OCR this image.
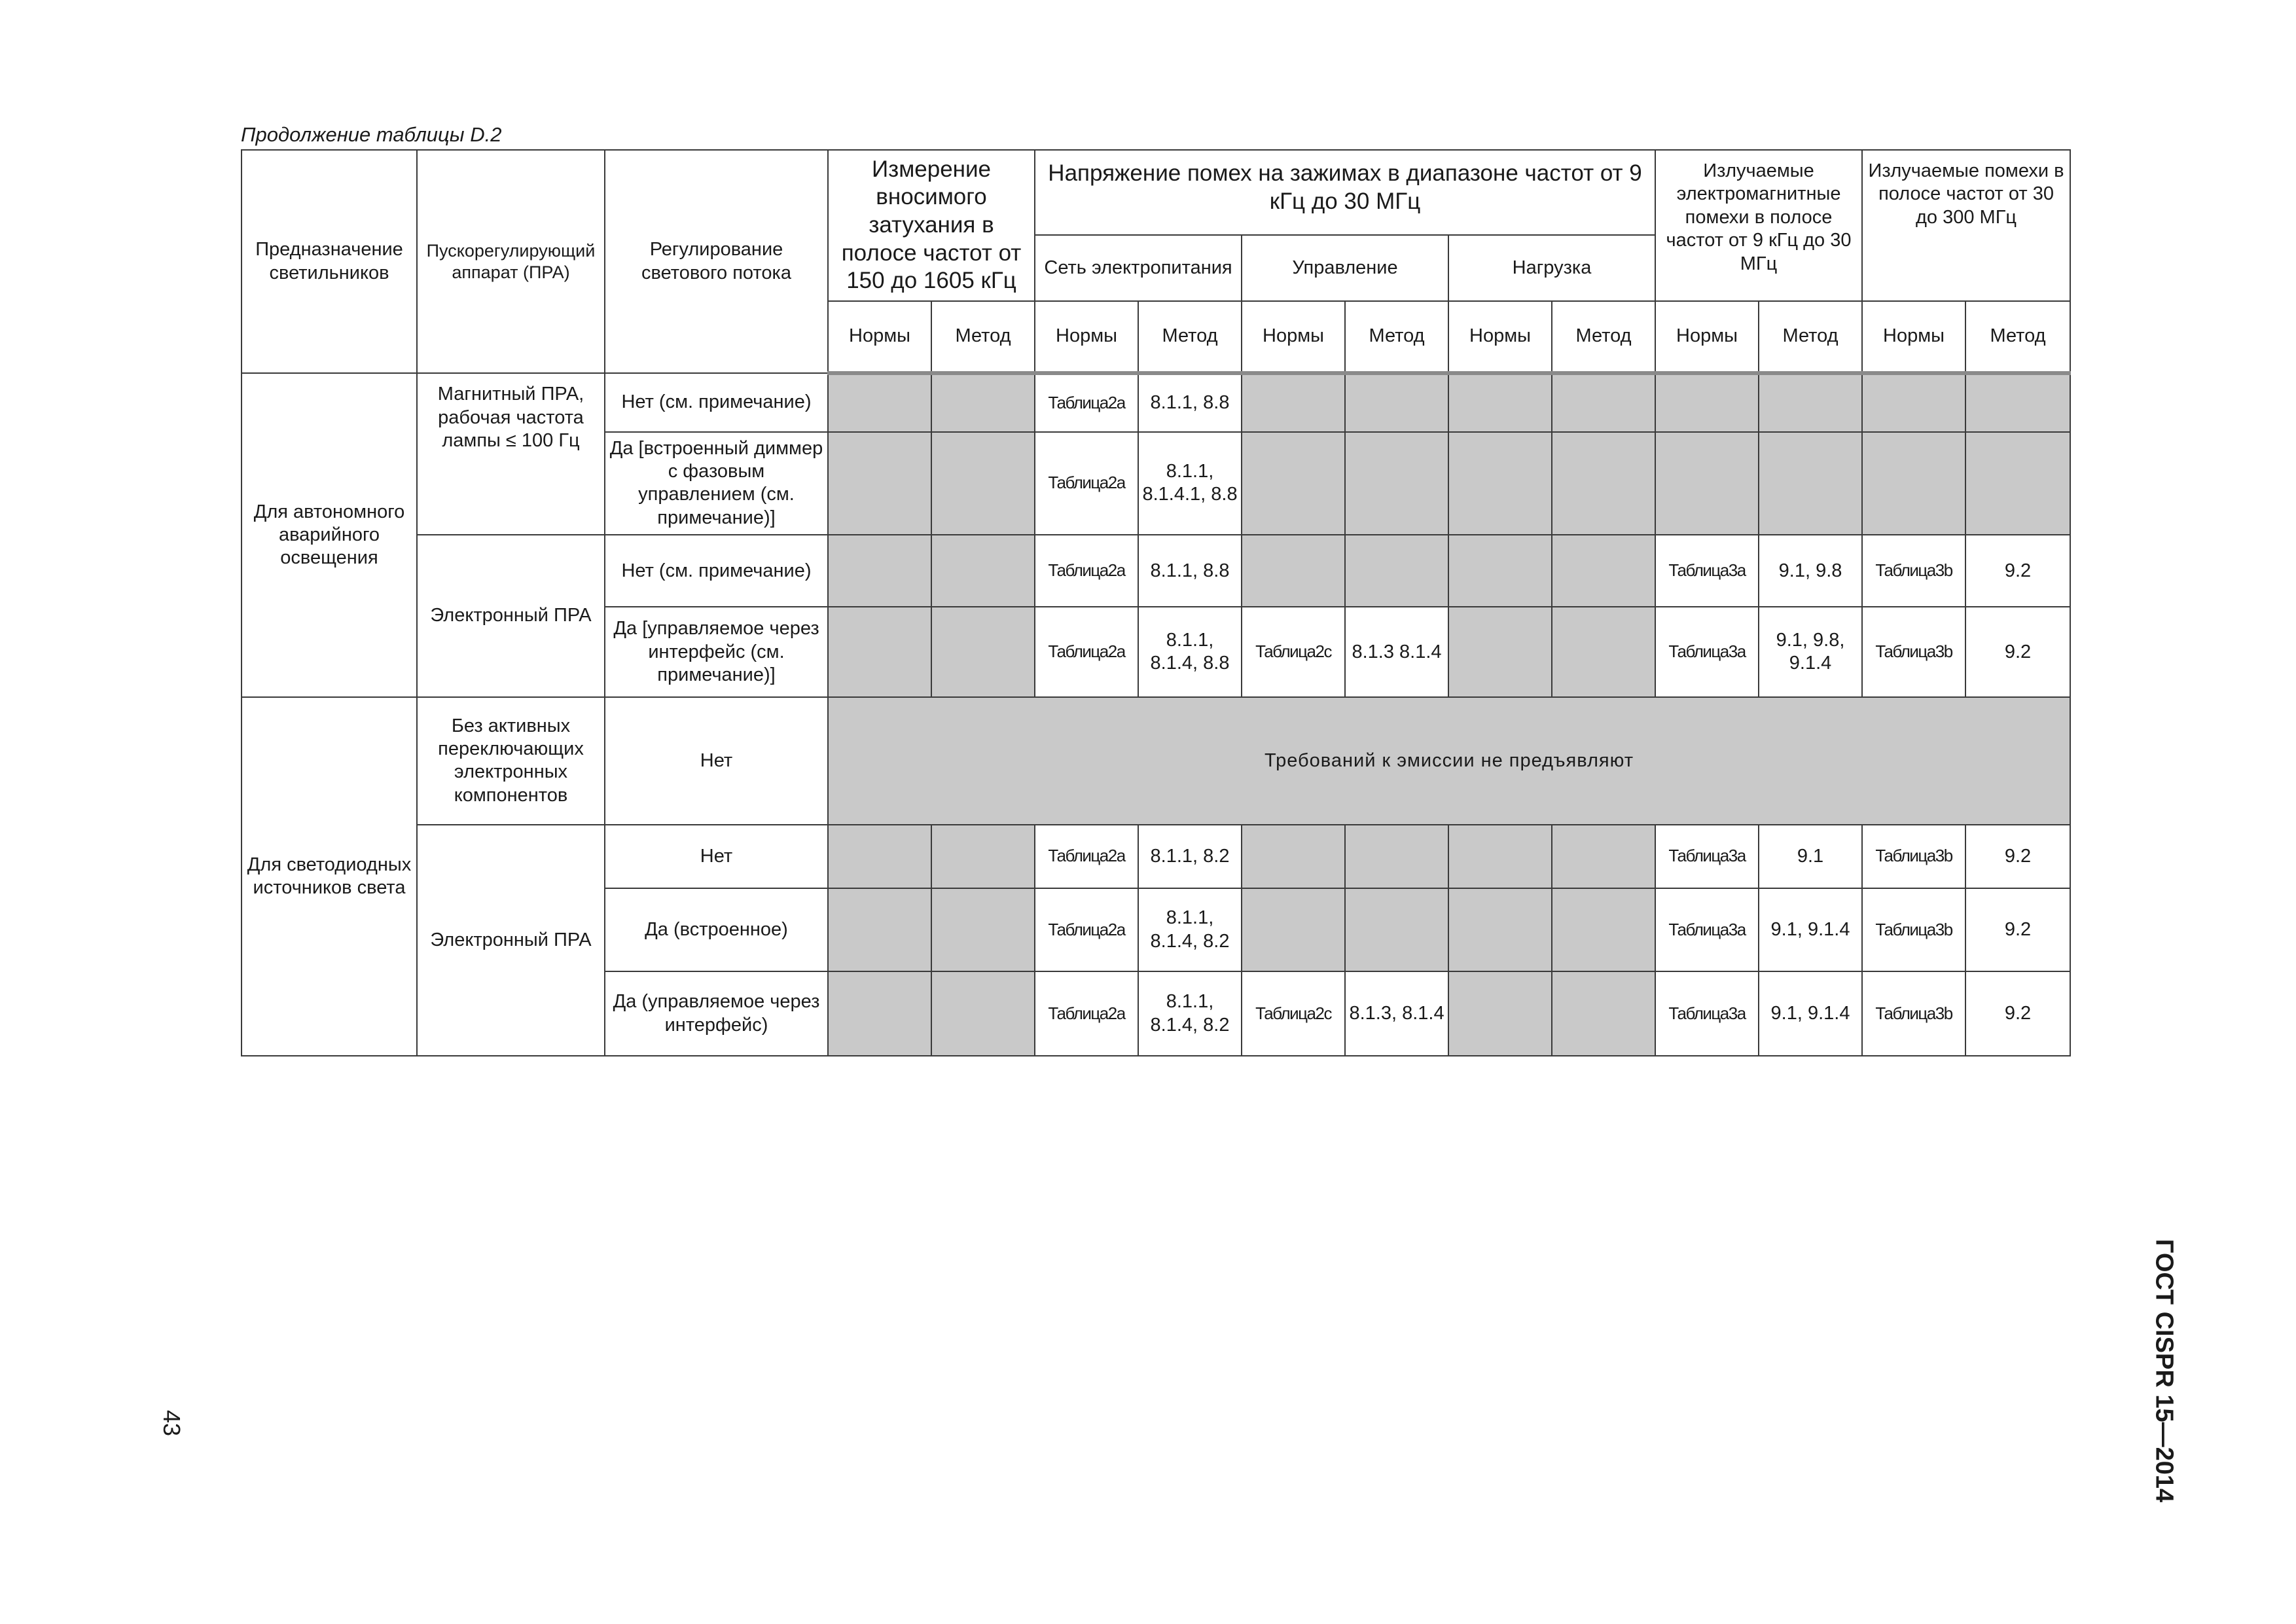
Продолжение таблицы D.2
Предназначение светильников	Пускорегулирующий аппарат (ПРА)	Регулирование светового потока	Измерение вносимого затухания в полосе частот от 150 до 1605 кГц		Напряжение помех на зажимах в диапазоне частот от 9 кГц до 30 МГц						Излучаемые электромагнитные помехи в полосе частот от 9 кГц до 30 МГц		Излучаемые помехи в полосе частот от 30 до 300 МГц	
					Сеть электропитания		Управление		Нагрузка					
			Нормы	Метод	Нормы	Метод	Нормы	Метод	Нормы	Метод	Нормы	Метод	Нормы	Метод
Для автономного аварийного освещения	Магнитный ПРА, рабочая частота лампы ≤ 100 Гц	Нет (см. примечание)			Таблица2а	8.1.1, 8.8								
		Да [встроенный диммер с фазовым управлением (см. примечание)]			Таблица2а	8.1.1, 8.1.4.1, 8.8								
	Электронный ПРА	Нет (см. примечание)			Таблица2а	8.1.1, 8.8					Таблица3а	9.1, 9.8	Таблица3b	9.2
		Да [управляемое через интерфейс (см. примечание)]			Таблица2а	8.1.1, 8.1.4, 8.8	Таблица2с	8.1.3 8.1.4			Таблица3а	9.1, 9.8, 9.1.4	Таблица3b	9.2
Для светодиодных источников света	Без активных переключающих электронных компонентов	Нет	Требований к эмиссии не предъявляют											
	Электронный ПРА	Нет			Таблица2а	8.1.1, 8.2					Таблица3а	9.1	Таблица3b	9.2
		Да (встроенное)			Таблица2а	8.1.1, 8.1.4, 8.2					Таблица3а	9.1, 9.1.4	Таблица3b	9.2
		Да (управляемое через интерфейс)			Таблица2а	8.1.1, 8.1.4, 8.2	Таблица2с	8.1.3, 8.1.4			Таблица3а	9.1, 9.1.4	Таблица3b	9.2
ГОСТ CISPR 15—2014
43
